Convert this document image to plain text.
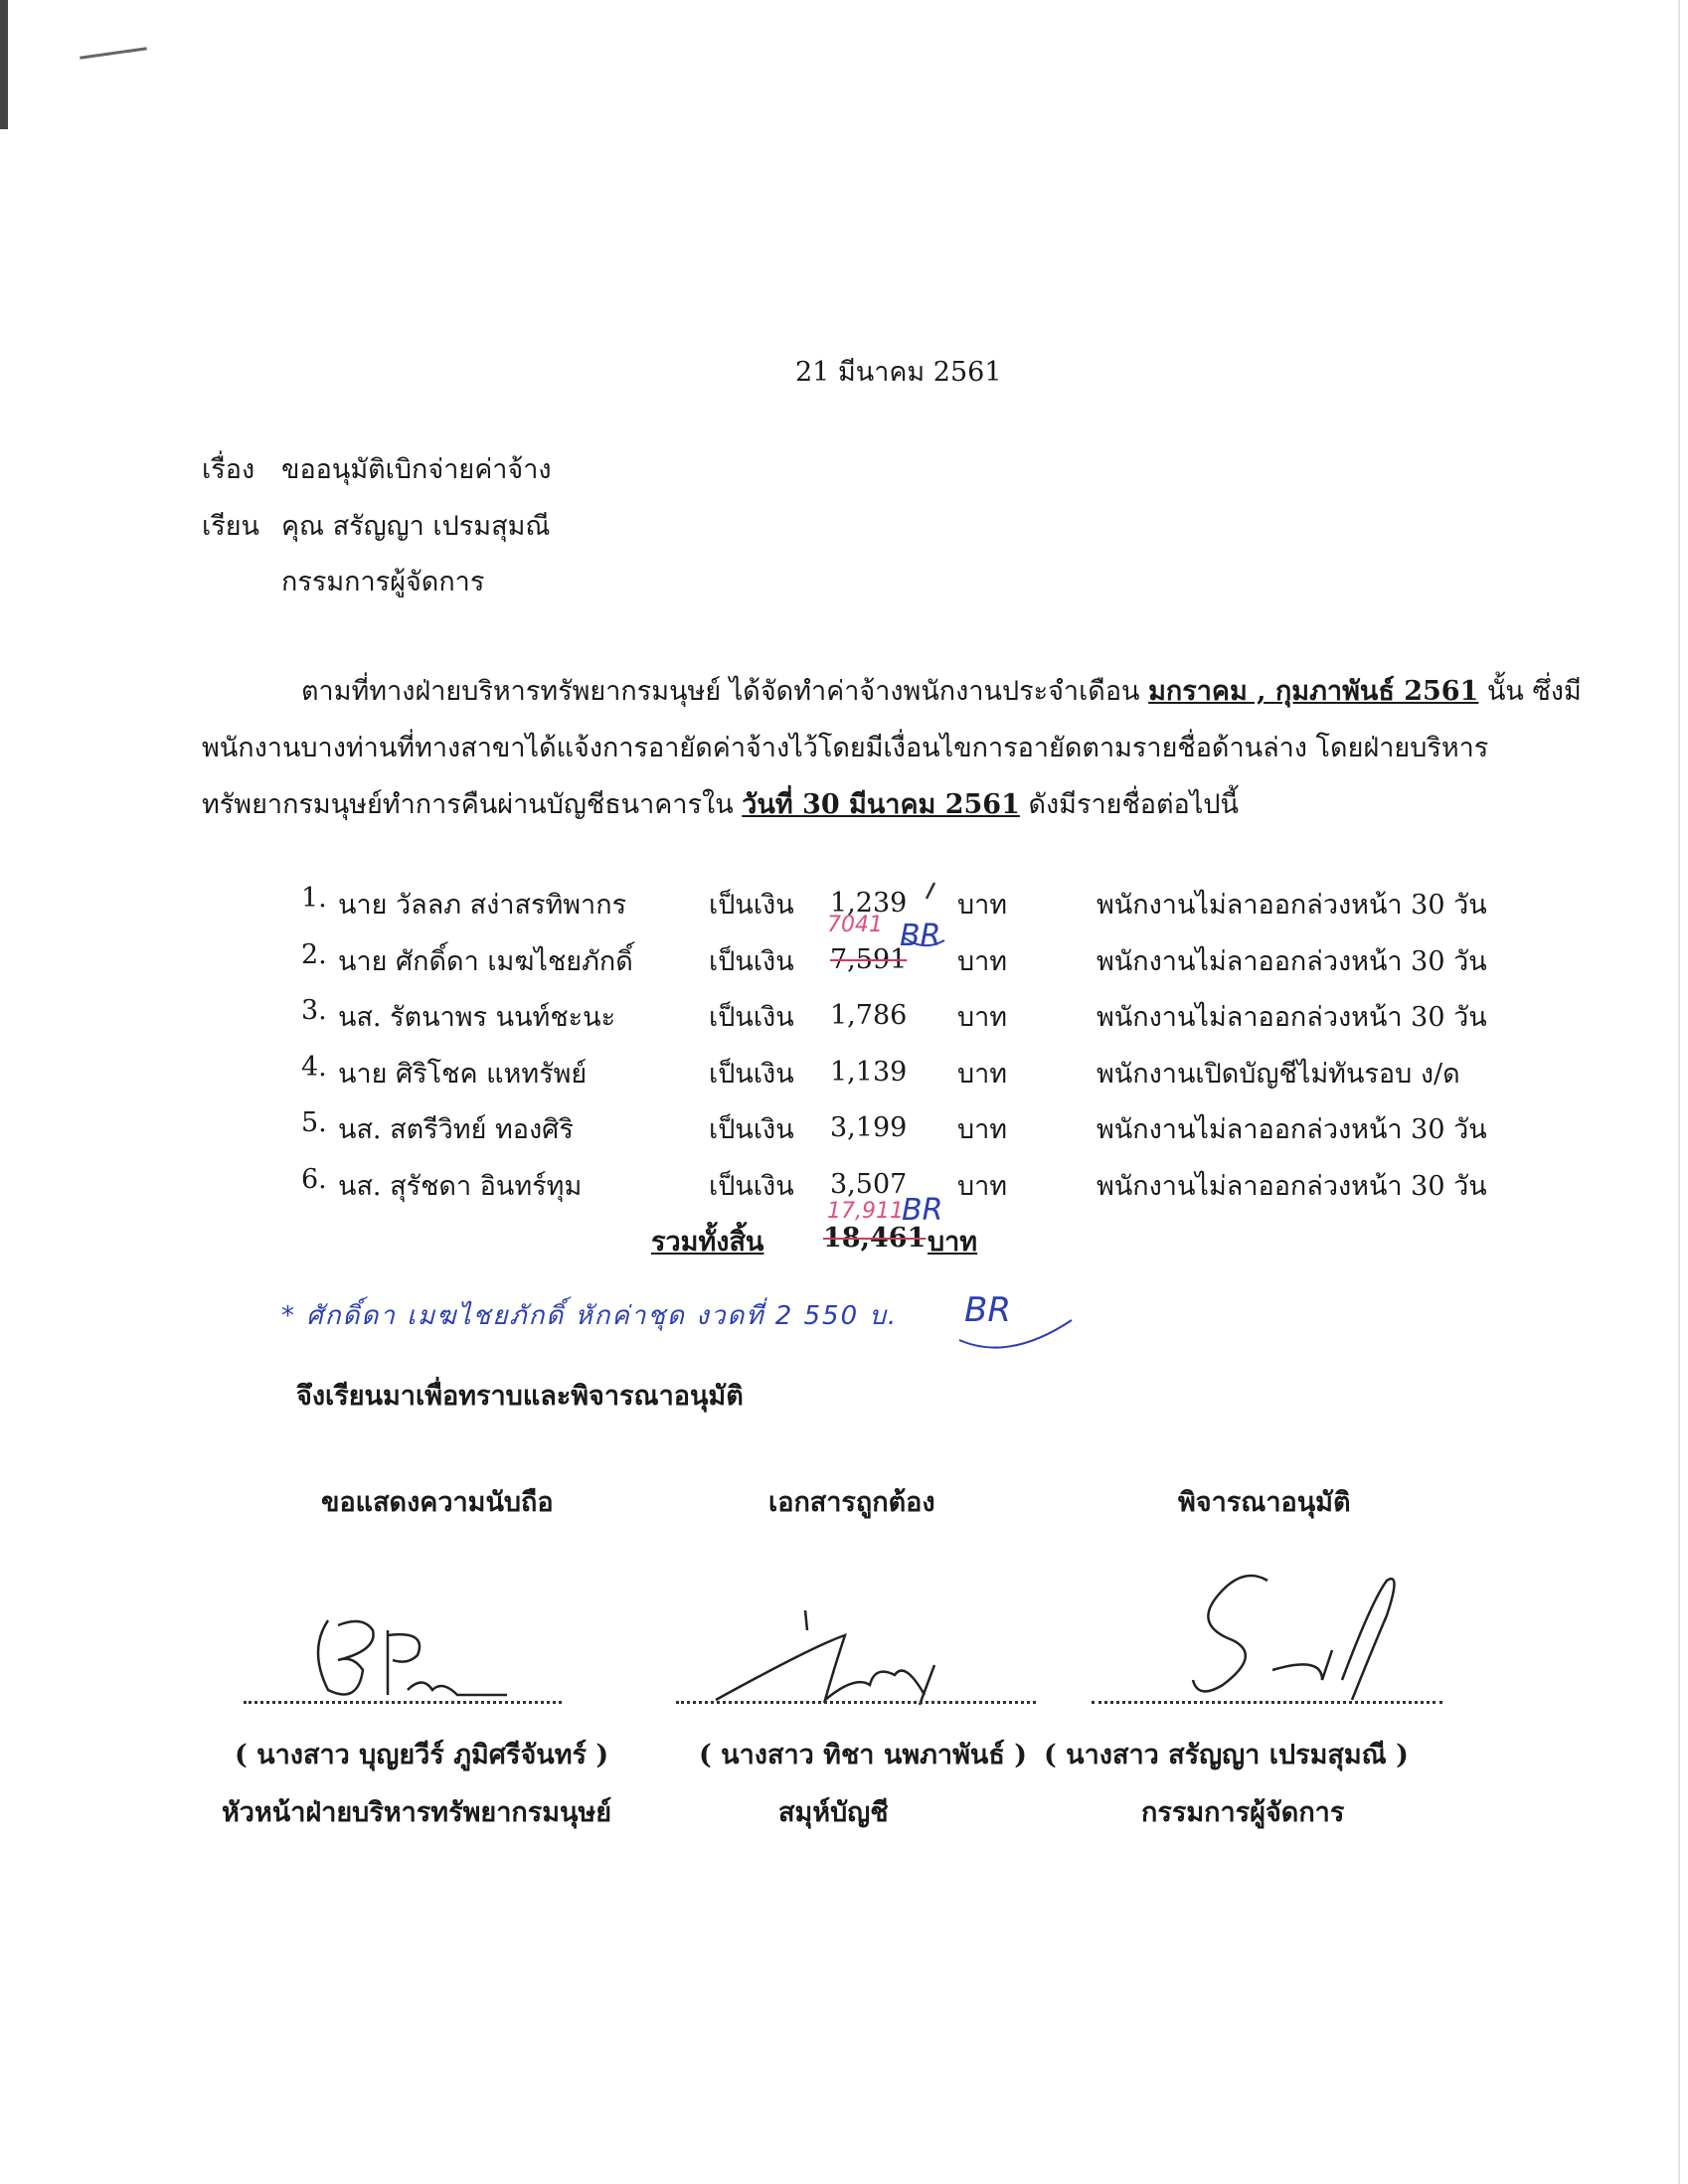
21 มีนาคม 2561
เรื่อง ขออนุมัติเบิกจ่ายค่าจ้าง
เรียน คุณ สรัญญา เปรมสุมณี
กรรมการผู้จัดการ
ตามที่ทางฝ่ายบริหารทรัพยากรมนุษย์ ได้จัดทำค่าจ้างพนักงานประจำเดือน มกราคม , กุมภาพันธ์ 2561 นั้น ซึ่งมี
พนักงานบางท่านที่ทางสาขาได้แจ้งการอายัดค่าจ้างไว้โดยมีเงื่อนไขการอายัดตามรายชื่อด้านล่าง โดยฝ่ายบริหาร
ทรัพยากรมนุษย์ทำการคืนผ่านบัญชีธนาคารใน วันที่ 30 มีนาคม 2561 ดังมีรายชื่อต่อไปนี้
1. นาย วัลลภ สง่าสรทิพากร	เป็นเงิน 1,239 บาท	พนักงานไม่ลาออกล่วงหน้า 30 วัน
2. นาย ศักดิ์ดา เมฆไชยภักดิ์	เป็นเงิน 7,591 บาท	พนักงานไม่ลาออกล่วงหน้า 30 วัน
7041
3. นส. รัตนาพร นนท์ชะนะ	เป็นเงิน 1,786 บาท	พนักงานไม่ลาออกล่วงหน้า 30 วัน
4. นาย ศิริโชค แหทรัพย์	เป็นเงิน 1,139 บาท	พนักงานเปิดบัญชีไม่ทันรอบ ง/ด
5. นส. สตรีวิทย์ ทองศิริ	เป็นเงิน 3,199 บาท	พนักงานไม่ลาออกล่วงหน้า 30 วัน
6. นส. สุรัชดา อินทร์ทุม	เป็นเงิน 3,507 บาท	พนักงานไม่ลาออกล่วงหน้า 30 วัน
รวมทั้งสิ้น 18,461 บาท
17,911
BR
BR
* ศักดิ์ดา เมฆไชยภักดิ์ หักค่าชุด งวดที่ 2 550 บ. BR
จึงเรียนมาเพื่อทราบและพิจารณาอนุมัติ
ขอแสดงความนับถือ	เอกสารถูกต้อง	พิจารณาอนุมัติ
( นางสาว บุญยวีร์ ภูมิศรีจันทร์ )	( นางสาว ทิชา นพภาพันธ์ ) ( นางสาว สรัญญา เปรมสุมณี )
หัวหน้าฝ่ายบริหารทรัพยากรมนุษย์	สมุห์บัญชี	กรรมการผู้จัดการ
